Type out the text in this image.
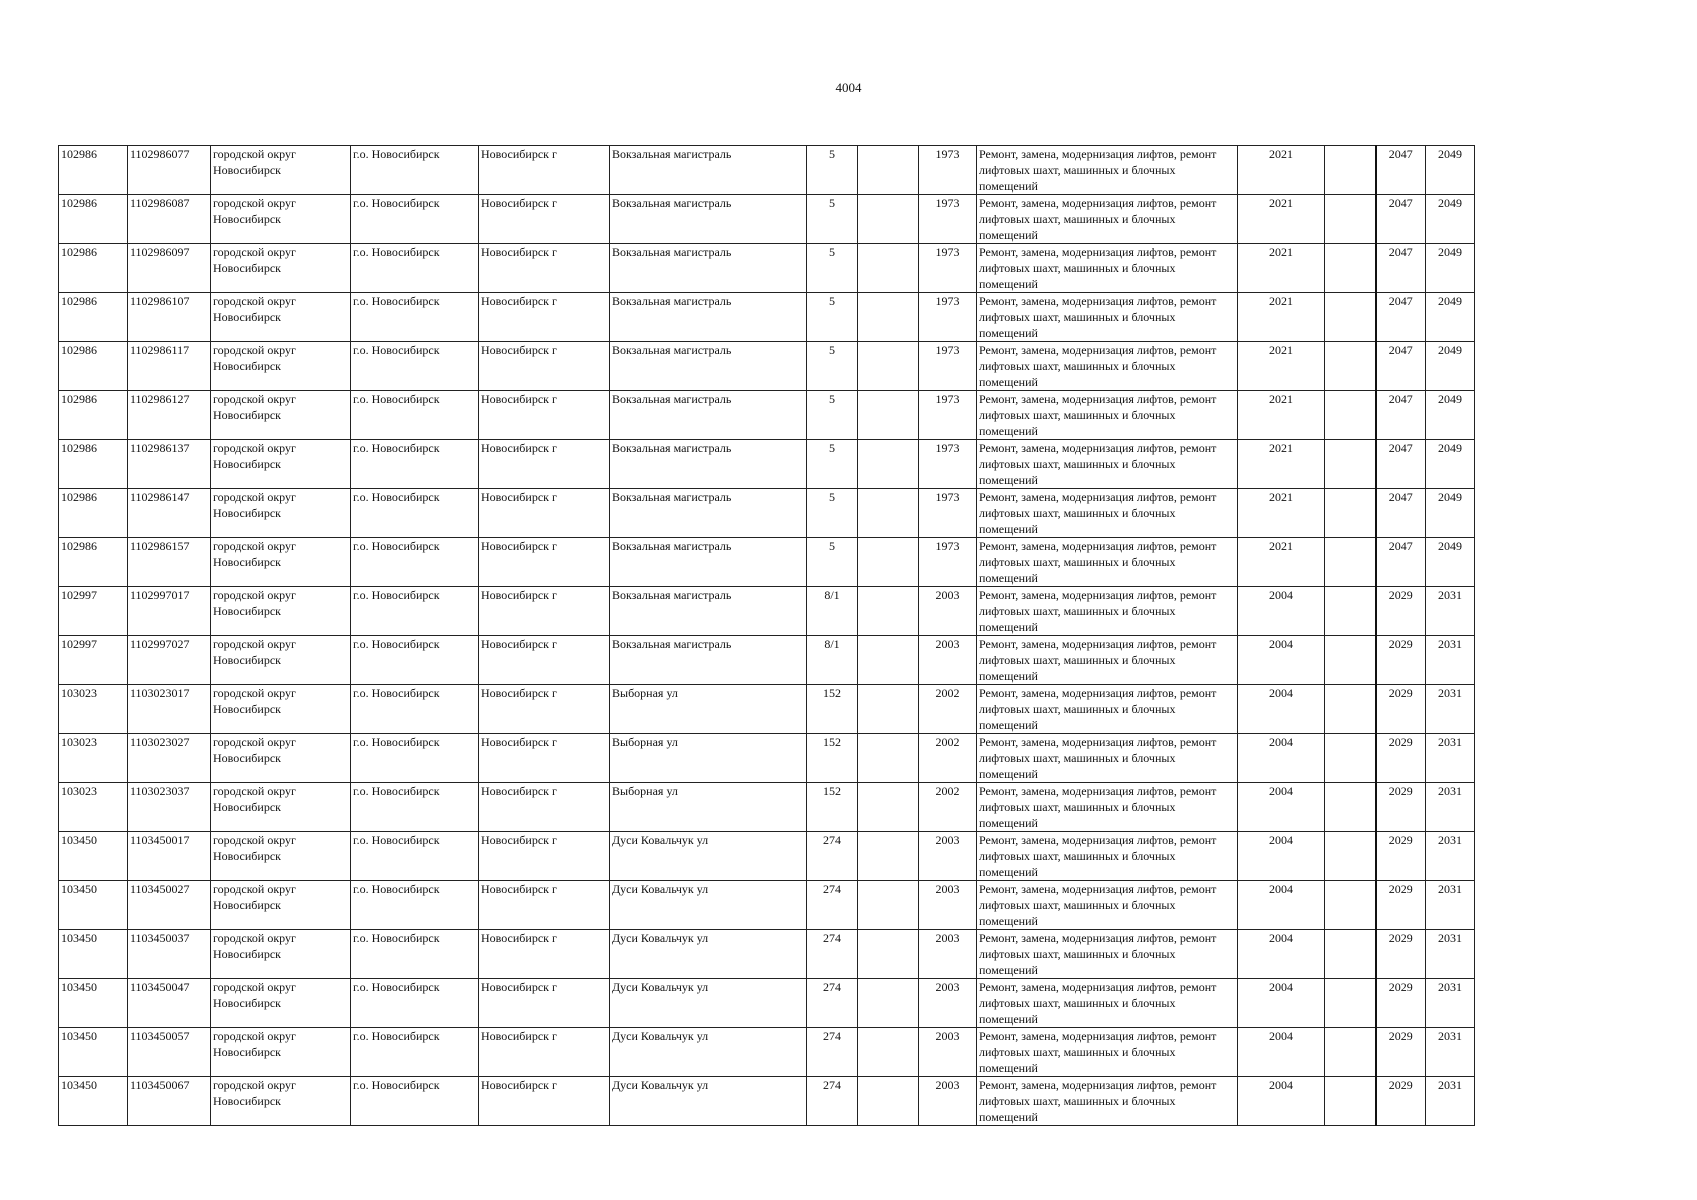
4004
102986	1102986077	городской округ Новосибирск	г.о. Новосибирск	Новосибирск г	Вокзальная магистраль	5		1973	Ремонт, замена, модернизация лифтов, ремонт лифтовых шахт, машинных и блочных помещений	2021		2047	2049
102986	1102986087	городской округ Новосибирск	г.о. Новосибирск	Новосибирск г	Вокзальная магистраль	5		1973	Ремонт, замена, модернизация лифтов, ремонт лифтовых шахт, машинных и блочных помещений	2021		2047	2049
102986	1102986097	городской округ Новосибирск	г.о. Новосибирск	Новосибирск г	Вокзальная магистраль	5		1973	Ремонт, замена, модернизация лифтов, ремонт лифтовых шахт, машинных и блочных помещений	2021		2047	2049
102986	1102986107	городской округ Новосибирск	г.о. Новосибирск	Новосибирск г	Вокзальная магистраль	5		1973	Ремонт, замена, модернизация лифтов, ремонт лифтовых шахт, машинных и блочных помещений	2021		2047	2049
102986	1102986117	городской округ Новосибирск	г.о. Новосибирск	Новосибирск г	Вокзальная магистраль	5		1973	Ремонт, замена, модернизация лифтов, ремонт лифтовых шахт, машинных и блочных помещений	2021		2047	2049
102986	1102986127	городской округ Новосибирск	г.о. Новосибирск	Новосибирск г	Вокзальная магистраль	5		1973	Ремонт, замена, модернизация лифтов, ремонт лифтовых шахт, машинных и блочных помещений	2021		2047	2049
102986	1102986137	городской округ Новосибирск	г.о. Новосибирск	Новосибирск г	Вокзальная магистраль	5		1973	Ремонт, замена, модернизация лифтов, ремонт лифтовых шахт, машинных и блочных помещений	2021		2047	2049
102986	1102986147	городской округ Новосибирск	г.о. Новосибирск	Новосибирск г	Вокзальная магистраль	5		1973	Ремонт, замена, модернизация лифтов, ремонт лифтовых шахт, машинных и блочных помещений	2021		2047	2049
102986	1102986157	городской округ Новосибирск	г.о. Новосибирск	Новосибирск г	Вокзальная магистраль	5		1973	Ремонт, замена, модернизация лифтов, ремонт лифтовых шахт, машинных и блочных помещений	2021		2047	2049
102997	1102997017	городской округ Новосибирск	г.о. Новосибирск	Новосибирск г	Вокзальная магистраль	8/1		2003	Ремонт, замена, модернизация лифтов, ремонт лифтовых шахт, машинных и блочных помещений	2004		2029	2031
102997	1102997027	городской округ Новосибирск	г.о. Новосибирск	Новосибирск г	Вокзальная магистраль	8/1		2003	Ремонт, замена, модернизация лифтов, ремонт лифтовых шахт, машинных и блочных помещений	2004		2029	2031
103023	1103023017	городской округ Новосибирск	г.о. Новосибирск	Новосибирск г	Выборная ул	152		2002	Ремонт, замена, модернизация лифтов, ремонт лифтовых шахт, машинных и блочных помещений	2004		2029	2031
103023	1103023027	городской округ Новосибирск	г.о. Новосибирск	Новосибирск г	Выборная ул	152		2002	Ремонт, замена, модернизация лифтов, ремонт лифтовых шахт, машинных и блочных помещений	2004		2029	2031
103023	1103023037	городской округ Новосибирск	г.о. Новосибирск	Новосибирск г	Выборная ул	152		2002	Ремонт, замена, модернизация лифтов, ремонт лифтовых шахт, машинных и блочных помещений	2004		2029	2031
103450	1103450017	городской округ Новосибирск	г.о. Новосибирск	Новосибирск г	Дуси Ковальчук ул	274		2003	Ремонт, замена, модернизация лифтов, ремонт лифтовых шахт, машинных и блочных помещений	2004		2029	2031
103450	1103450027	городской округ Новосибирск	г.о. Новосибирск	Новосибирск г	Дуси Ковальчук ул	274		2003	Ремонт, замена, модернизация лифтов, ремонт лифтовых шахт, машинных и блочных помещений	2004		2029	2031
103450	1103450037	городской округ Новосибирск	г.о. Новосибирск	Новосибирск г	Дуси Ковальчук ул	274		2003	Ремонт, замена, модернизация лифтов, ремонт лифтовых шахт, машинных и блочных помещений	2004		2029	2031
103450	1103450047	городской округ Новосибирск	г.о. Новосибирск	Новосибирск г	Дуси Ковальчук ул	274		2003	Ремонт, замена, модернизация лифтов, ремонт лифтовых шахт, машинных и блочных помещений	2004		2029	2031
103450	1103450057	городской округ Новосибирск	г.о. Новосибирск	Новосибирск г	Дуси Ковальчук ул	274		2003	Ремонт, замена, модернизация лифтов, ремонт лифтовых шахт, машинных и блочных помещений	2004		2029	2031
103450	1103450067	городской округ Новосибирск	г.о. Новосибирск	Новосибирск г	Дуси Ковальчук ул	274		2003	Ремонт, замена, модернизация лифтов, ремонт лифтовых шахт, машинных и блочных помещений	2004		2029	2031
